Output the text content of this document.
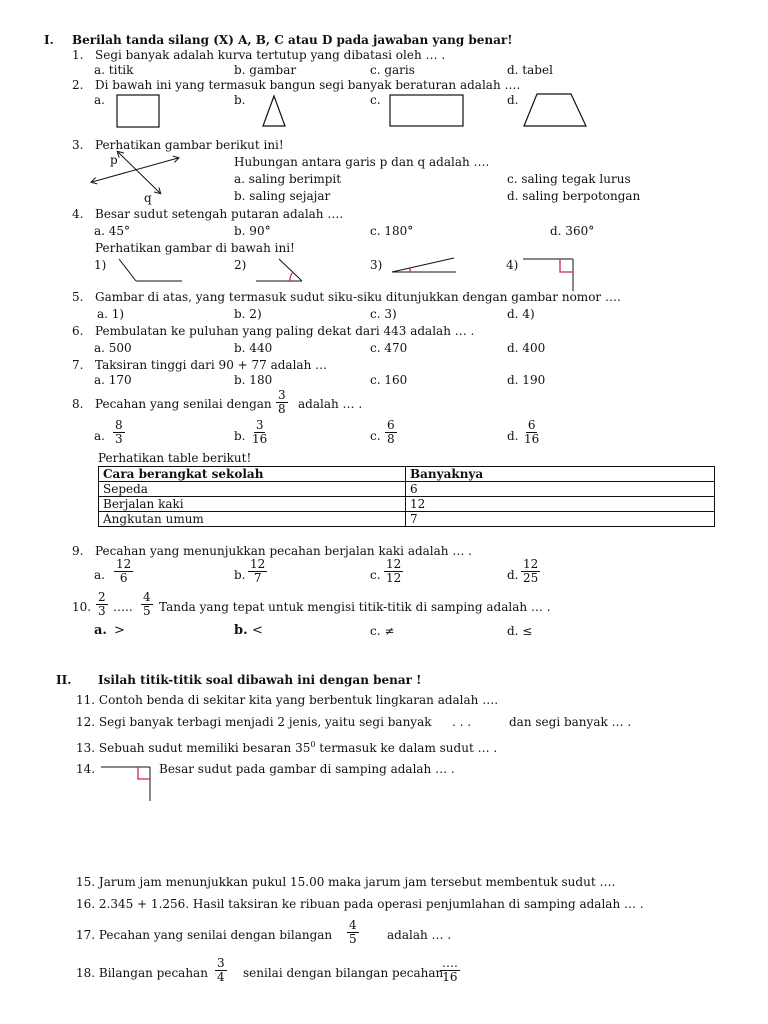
I. Berilah tanda silang (X) A, B, C atau D pada jawaban yang benar!
1. Segi banyak adalah kurva tertutup yang dibatasi oleh … .
a. titik	b. gambar	c. garis	d. tabel
2. Di bawah ini yang termasuk bangun segi banyak beraturan adalah ….
a.	b.	c.	d.
3. Perhatikan gambar berikut ini!
p
q
Hubungan antara garis p dan q adalah ….
a. saling berimpit
b. saling sejajar
c. saling tegak lurus
d. saling berpotongan
4. Besar sudut setengah putaran adalah ….
a. 45°	b. 90°	c. 180°	d. 360°
Perhatikan gambar di bawah ini!
1)	2)	3)	4)
5. Gambar di atas, yang termasuk sudut siku-siku ditunjukkan dengan gambar nomor ….
a. 1)	b. 2)	c. 3)	d. 4)
6. Pembulatan ke puluhan yang paling dekat dari 443 adalah … .
a. 500	b. 440	c. 470	d. 400
7. Taksiran tinggi dari 90 + 77 adalah …
a. 170	b. 180	c. 160	d. 190
8. Pecahan yang senilai dengan $\frac{3}{8}$ adalah … .
a. $\frac{8}{3}$	b. $\frac{3}{16}$	c. $\frac{6}{8}$	d. $\frac{6}{16}$
Perhatikan table berikut!
Cara berangkat sekolah	Banyaknya
Sepeda	6
Berjalan kaki	12
Angkutan umum	7
9. Pecahan yang menunjukkan pecahan berjalan kaki adalah … .
a. $\frac{12}{6}$	b. $\frac{12}{7}$	c. $\frac{12}{12}$	d. $\frac{12}{25}$
10. $\frac{2}{3}$ ….. $\frac{4}{5}$ Tanda yang tepat untuk mengisi titik-titik di samping adalah … .
a. >	b. <	c. ≠	d. ≤
II. Isilah titik-titik soal dibawah ini dengan benar !
11. Contoh benda di sekitar kita yang berbentuk lingkaran adalah ….
12. Segi banyak terbagi menjadi 2 jenis, yaitu segi banyak . . .	dan segi banyak … .
13. Sebuah sudut memiliki besaran $35^0$ termasuk ke dalam sudut … .
14.	Besar sudut pada gambar di samping adalah … .
15. Jarum jam menunjukkan pukul 15.00 maka jarum jam tersebut membentuk sudut ….
16. 2.345 + 1.256. Hasil taksiran ke ribuan pada operasi penjumlahan di samping adalah … .
17. Pecahan yang senilai dengan bilangan $\frac{4}{5}$ adalah … .
18. Bilangan pecahan $\frac{3}{4}$ senilai dengan bilangan pecahan
….
16
